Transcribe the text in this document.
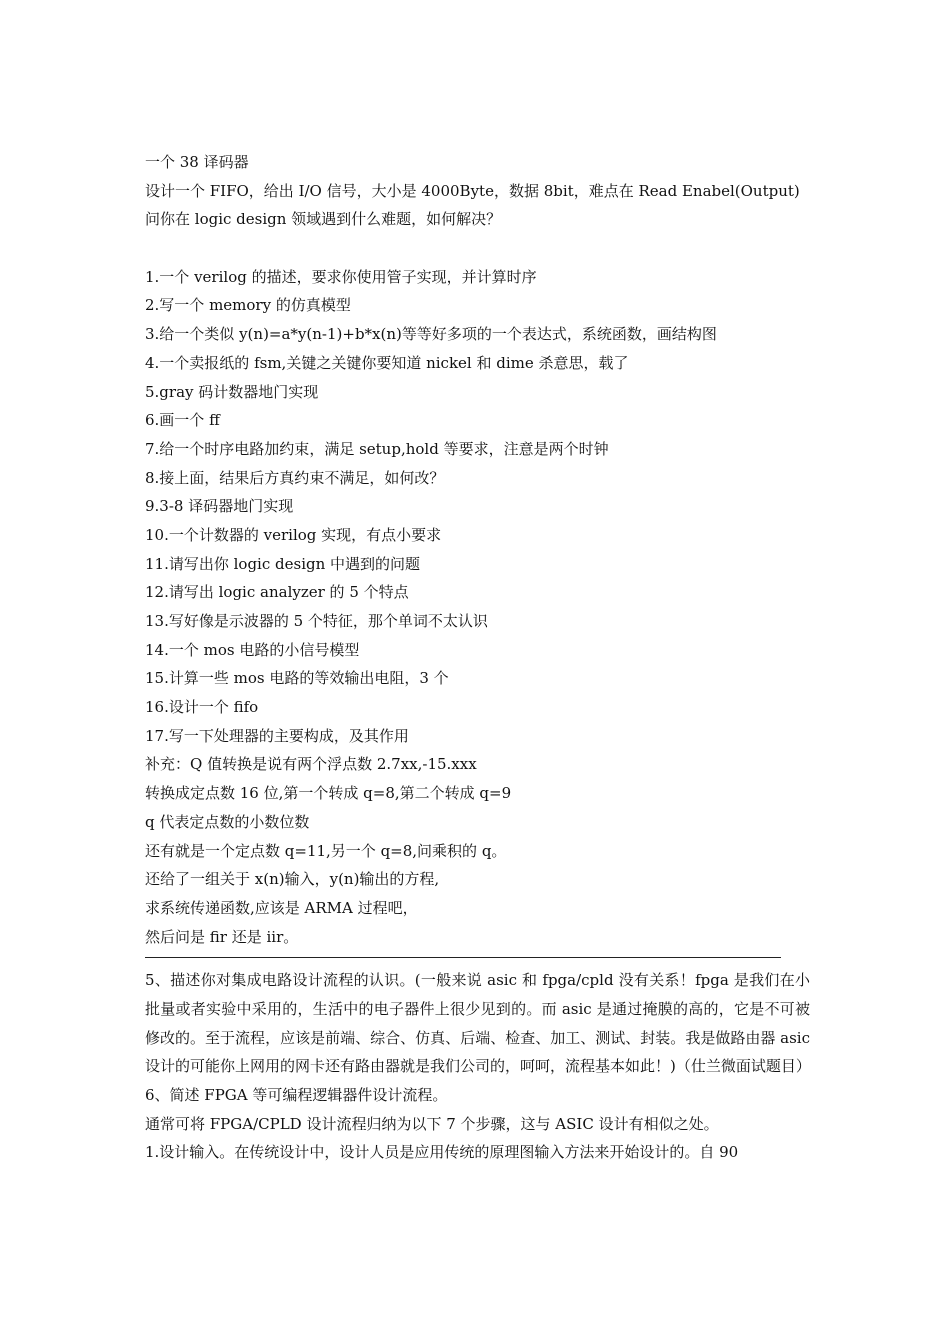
一个 38 译码器
设计一个 FIFO，给出 I/O 信号，大小是 4000Byte，数据 8bit，难点在 Read Enabel(Output)
问你在 logic design 领域遇到什么难题，如何解决？
1.一个 verilog 的描述，要求你使用管子实现，并计算时序
2.写一个 memory 的仿真模型
3.给一个类似 y(n)=a*y(n-1)+b*x(n)等等好多项的一个表达式，系统函数，画结构图
4.一个卖报纸的 fsm,关键之关键你要知道 nickel 和 dime 杀意思，载了
5.gray 码计数器地门实现
6.画一个 ff
7.给一个时序电路加约束，满足 setup,hold 等要求，注意是两个时钟
8.接上面，结果后方真约束不满足，如何改？
9.3-8 译码器地门实现
10.一个计数器的 verilog 实现，有点小要求
11.请写出你 logic design 中遇到的问题
12.请写出 logic analyzer 的 5 个特点
13.写好像是示波器的 5 个特征，那个单词不太认识
14.一个 mos 电路的小信号模型
15.计算一些 mos 电路的等效输出电阻，3 个
16.设计一个 fifo
17.写一下处理器的主要构成，及其作用
补充：Q 值转换是说有两个浮点数 2.7xx,-15.xxx
转换成定点数 16 位,第一个转成 q=8,第二个转成 q=9
q 代表定点数的小数位数
还有就是一个定点数 q=11,另一个 q=8,问乘积的 q。
还给了一组关于 x(n)输入，y(n)输出的方程,
求系统传递函数,应该是 ARMA 过程吧，
然后问是 fir 还是 iir。
5、描述你对集成电路设计流程的认识。(一般来说 asic 和 fpga/cpld 没有关系！fpga 是我们在小批量或者实验中采用的，生活中的电子器件上很少见到的。而 asic 是通过掩膜的高的，它是不可被修改的。至于流程，应该是前端、综合、仿真、后端、检查、加工、测试、封装。我是做路由器 asic 设计的可能你上网用的网卡还有路由器就是我们公司的，呵呵，流程基本如此！)（仕兰微面试题目）
6、简述 FPGA 等可编程逻辑器件设计流程。
通常可将 FPGA/CPLD 设计流程归纳为以下 7 个步骤，这与 ASIC 设计有相似之处。
1.设计输入。在传统设计中，设计人员是应用传统的原理图输入方法来开始设计的。自 90
